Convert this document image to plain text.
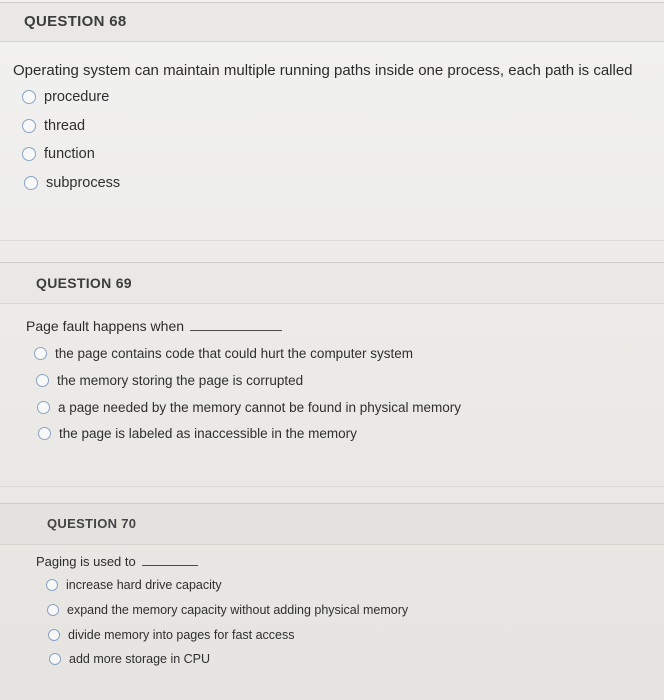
QUESTION 68
Operating system can maintain multiple running paths inside one process, each path is called
procedure
thread
function
subprocess
QUESTION 69
Page fault happens when
the page contains code that could hurt the computer system
the memory storing the page is corrupted
a page needed by the memory cannot be found in physical memory
the page is labeled as inaccessible in the memory
QUESTION 70
Paging is used to
increase hard drive capacity
expand the memory capacity without adding physical memory
divide memory into pages for fast access
add more storage in CPU
